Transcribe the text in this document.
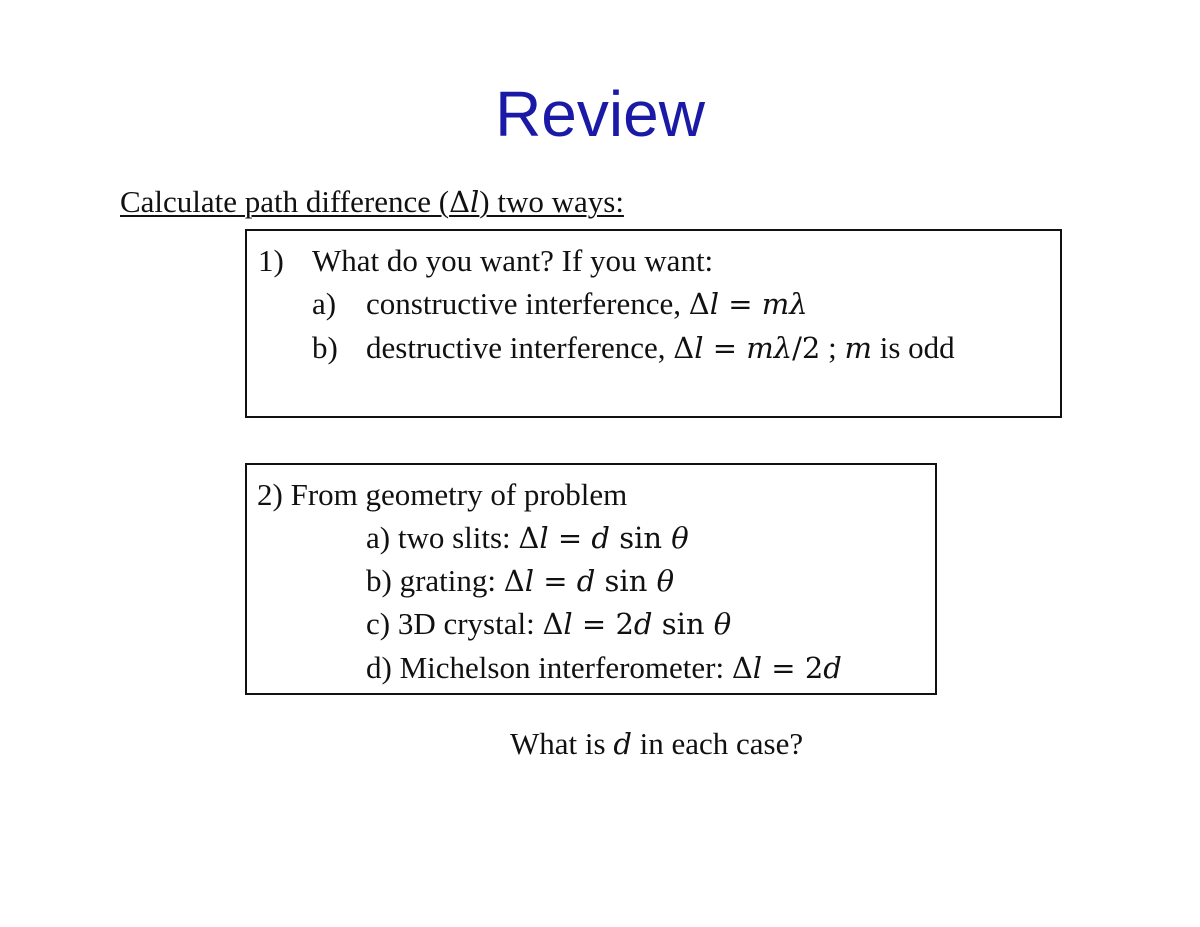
Review
Calculate path difference (Δl) two ways:
1) What do you want? If you want:
a) constructive interference, Δl = mλ
b) destructive interference, Δl = mλ/2 ; m is odd
2) From geometry of problem
a) two slits: Δl = d sin θ
b) grating: Δl = d sin θ
c) 3D crystal: Δl = 2d sin θ
d) Michelson interferometer: Δl = 2d
What is d in each case?
